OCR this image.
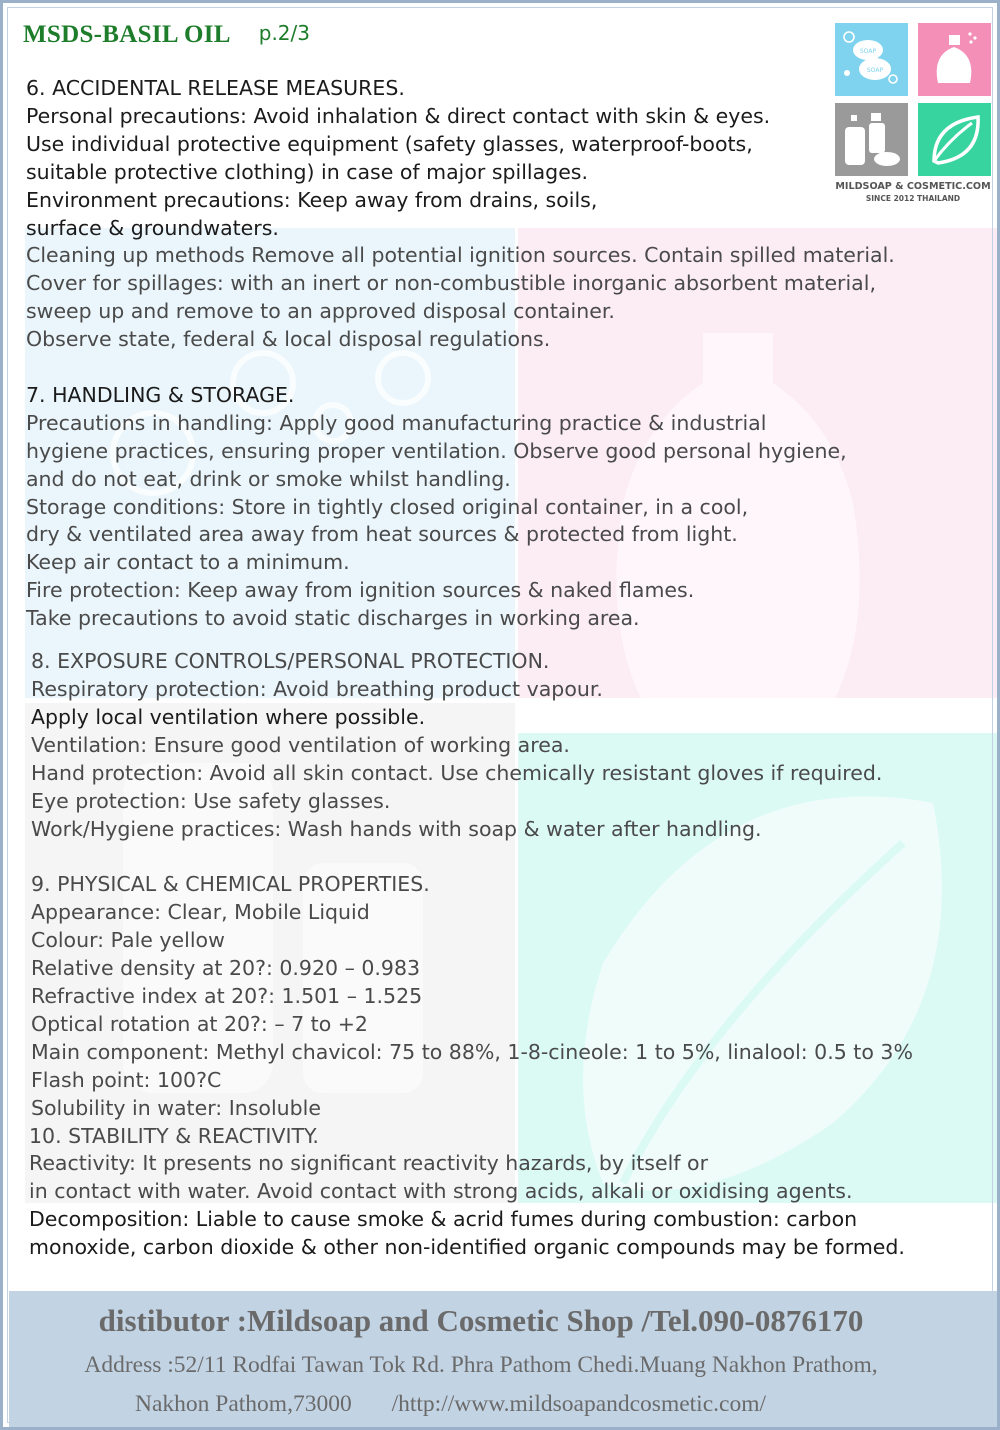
MSDS-BASIL OIL p.2/3
SOAP
SOAP
MILDSOAP & COSMETIC.COM
SINCE 2012 THAILAND

6. ACCIDENTAL RELEASE MEASURES.

Personal precautions: Avoid inhalation & direct contact with skin & eyes.

Use individual protective equipment (safety glasses, waterproof-boots,

suitable protective clothing) in case of major spillages.

Environment precautions: Keep away from drains, soils,

surface & groundwaters.

Cleaning up methods Remove all potential ignition sources. Contain spilled material.

Cover for spillages: with an inert or non-combustible inorganic absorbent material,

sweep up and remove to an approved disposal container.

Observe state, federal & local disposal regulations.

7. HANDLING & STORAGE.

Precautions in handling: Apply good manufacturing practice & industrial

hygiene practices, ensuring proper ventilation. Observe good personal hygiene,

and do not eat, drink or smoke whilst handling.

Storage conditions: Store in tightly closed original container, in a cool,

dry & ventilated area away from heat sources & protected from light.

Keep air contact to a minimum.

Fire protection: Keep away from ignition sources & naked flames.

Take precautions to avoid static discharges in working area.

8. EXPOSURE CONTROLS/PERSONAL PROTECTION.

Respiratory protection: Avoid breathing product vapour.

Apply local ventilation where possible.

Ventilation: Ensure good ventilation of working area.

Hand protection: Avoid all skin contact. Use chemically resistant gloves if required.

Eye protection: Use safety glasses.

Work/Hygiene practices: Wash hands with soap & water after handling.

9. PHYSICAL & CHEMICAL PROPERTIES.

Appearance: Clear, Mobile Liquid

Colour: Pale yellow

Relative density at 20?: 0.920 – 0.983

Refractive index at 20?: 1.501 – 1.525

Optical rotation at 20?: – 7 to +2

Main component: Methyl chavicol: 75 to 88%, 1-8-cineole: 1 to 5%, linalool: 0.5 to 3%

Flash point: 100?C

Solubility in water: Insoluble

10. STABILITY & REACTIVITY.

Reactivity: It presents no significant reactivity hazards, by itself or

in contact with water. Avoid contact with strong acids, alkali or oxidising agents.

Decomposition: Liable to cause smoke & acrid fumes during combustion: carbon

monoxide, carbon dioxide & other non-identified organic compounds may be formed.

distibutor :Mildsoap and Cosmetic Shop /Tel.090-0876170
Address :52/11 Rodfai Tawan Tok Rd. Phra Pathom Chedi.Muang Nakhon Prathom,
Nakhon Pathom,73000 /http://www.mildsoapandcosmetic.com/
